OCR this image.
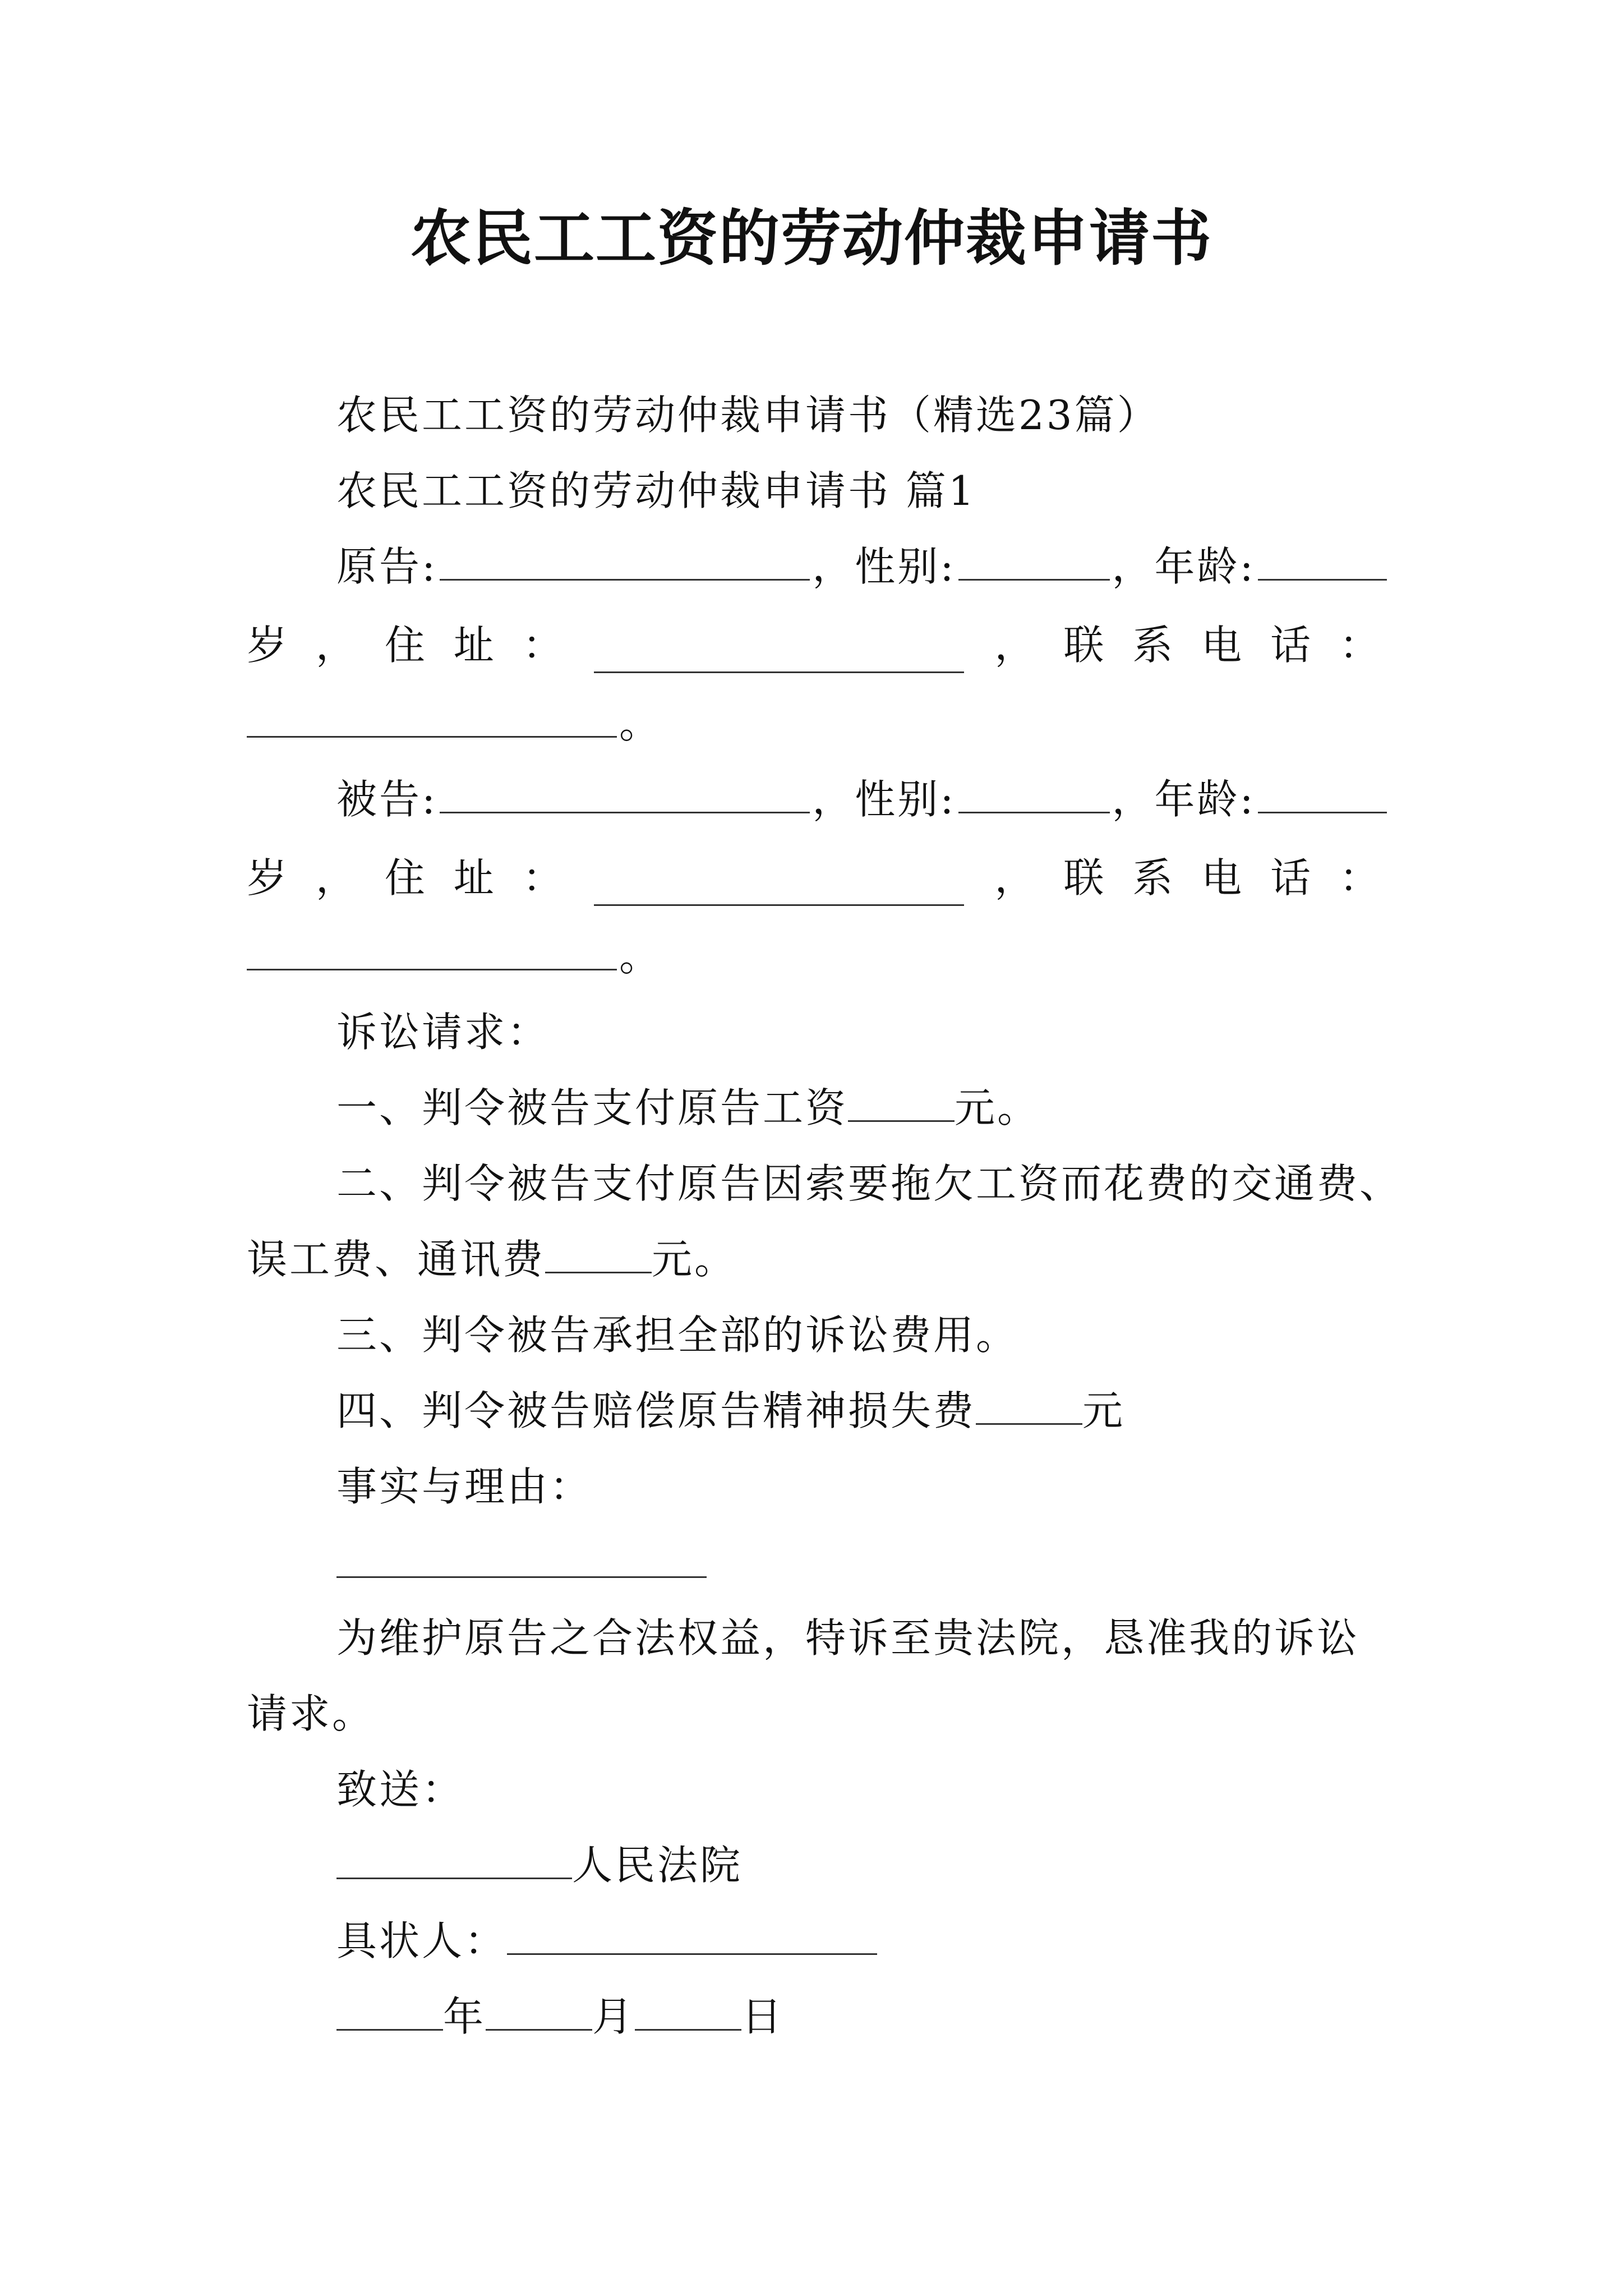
农民工工资的劳动仲裁申请书
农民工工资的劳动仲裁申请书（精选23篇）
农民工工资的劳动仲裁申请书 篇1
原告:	，性别:	，年龄:
岁 ， 住 址 ：	， 联 系 电 话 ：
。
被告:	，性别:	，年龄:
岁 ， 住 址 ：	， 联 系 电 话 ：
。
诉讼请求：
一、判令被告支付原告工资	元。
二、判令被告支付原告因索要拖欠工资而花费的交通费、
误工费、通讯费	元。
三、判令被告承担全部的诉讼费用。
四、判令被告赔偿原告精神损失费	元
事实与理由：
为维护原告之合法权益，特诉至贵法院，恳准我的诉讼
请求。
致送：
人民法院
具状人：
年	月	日
